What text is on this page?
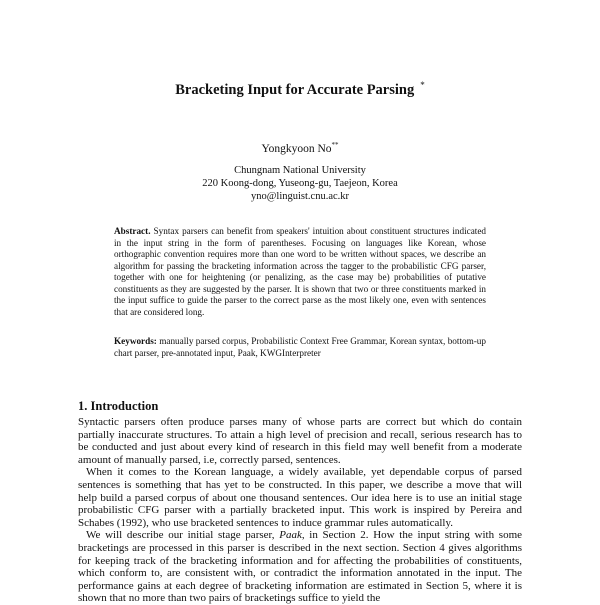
Bracketing Input for Accurate Parsing *
Yongkyoon No**
Chungnam National University
220 Koong-dong, Yuseong-gu, Taejeon, Korea
yno@linguist.cnu.ac.kr
Abstract. Syntax parsers can benefit from speakers' intuition about constituent structures indicated in the input string in the form of parentheses. Focusing on languages like Korean, whose orthographic convention requires more than one word to be written without spaces, we describe an algorithm for passing the bracketing information across the tagger to the probabilistic CFG parser, together with one for heightening (or penalizing, as the case may be) probabilities of putative constituents as they are suggested by the parser. It is shown that two or three constituents marked in the input suffice to guide the parser to the correct parse as the most likely one, even with sentences that are considered long.
Keywords: manually parsed corpus, Probabilistic Context Free Grammar, Korean syntax, bottom-up chart parser, pre-annotated input, Paak, KWGInterpreter
1. Introduction

Syntactic parsers often produce parses many of whose parts are correct but which do contain partially inaccurate structures. To attain a high level of precision and recall, serious research has to be conducted and just about every kind of research in this field may well benefit from a moderate amount of manually parsed, i.e, correctly parsed, sentences.

When it comes to the Korean language, a widely available, yet dependable corpus of parsed sentences is something that has yet to be constructed. In this paper, we describe a move that will help build a parsed corpus of about one thousand sentences. Our idea here is to use an initial stage probabilistic CFG parser with a partially bracketed input. This work is inspired by Pereira and Schabes (1992), who use bracketed sentences to induce grammar rules automatically.

We will describe our initial stage parser, Paak, in Section 2. How the input string with some bracketings are processed in this parser is described in the next section. Section 4 gives algorithms for keeping track of the bracketing information and for affecting the probabilities of constituents, which conform to, are consistent with, or contradict the information annotated in the input. The performance gains at each degree of bracketing information are estimated in Section 5, where it is shown that no more than two pairs of bracketings suffice to yield the
